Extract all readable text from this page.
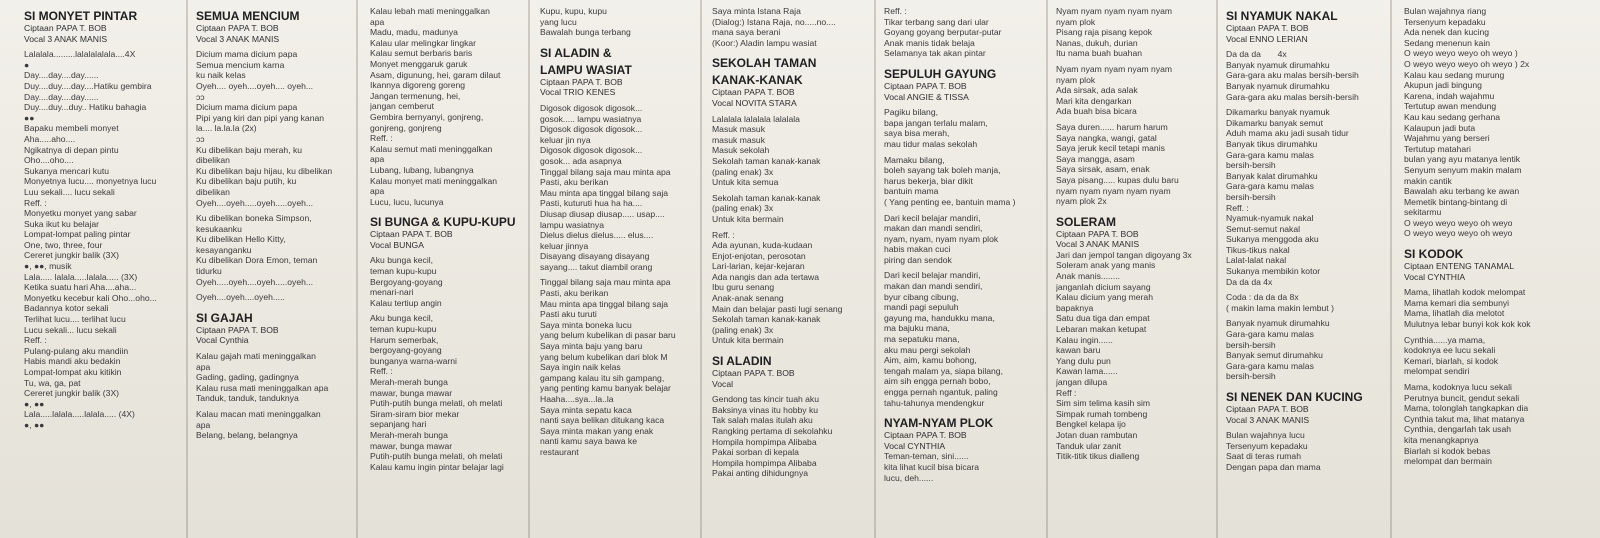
SI MONYET PINTAR
Ciptaan PAPA T. BOB
Vocal 3 ANAK MANIS
Lalalala.........lalalalalala....4X
●
Day....day....day......
Duy....duy....day....Hatiku gembira
Day....day....day......
Duy....duy...duy.. Hatiku bahagia
●●
Bapaku membeli monyet
Aha.....aho....
Ngikatnya di depan pintu
Oho....oho....
Sukanya mencari kutu
Monyetnya lucu.... monyetnya lucu
Luu sekali.... lucu sekali
Reff. :
Monyetku monyet yang sabar
Suka ikut ku belajar
Lompat-lompat paling pintar
One, two, three, four
Cereret jungkir balik (3X)
●, ●●, musik
Lala..... lalala.....lalala..... (3X)
Ketika suatu hari Aha....aha...
Monyetku kecebur kali Oho...oho...
Badannya kotor sekali
Terlihat lucu.... terlihat lucu
Lucu sekali... lucu sekali
Reff. :
Pulang-pulang aku mandiin
Habis mandi aku bedakin
Lompat-lompat aku kitikin
Tu, wa, ga, pat
Cereret jungkir balik (3X)
●, ●●
Lala.....lalala.....lalala..... (4X)
●, ●●
SEMUA MENCIUM
Ciptaan PAPA T. BOB
Vocal 3 ANAK MANIS
Dicium mama dicium papa
Semua mencium karna
ku naik kelas
Oyeh.... oyeh....oyeh.... oyeh...
ɔɔ
Dicium mama dicium papa
Pipi yang kiri dan pipi yang kanan
la.... la.la.la (2x)
ɔɔ
Ku dibelikan baju merah, ku
dibelikan
Ku dibelikan baju hijau, ku dibelikan
Ku dibelikan baju putih, ku
dibelikan
Oyeh....oyeh.....oyeh.....oyeh...
Ku dibelikan boneka Simpson,
kesukaanku
Ku dibelikan Hello Kitty,
kesayanganku
Ku dibelikan Dora Emon, teman
tidurku
Oyeh.....oyeh....oyeh.....oyeh...
Oyeh....oyeh....oyeh.....
SI GAJAH
Ciptaan PAPA T. BOB
Vocal Cynthia
Kalau gajah mati meninggalkan
apa
Gading, gading, gadingnya
Kalau rusa mati meninggalkan apa
Tanduk, tanduk, tanduknya
Kalau macan mati meninggalkan
apa
Belang, belang, belangnya
Kalau lebah mati meninggalkan
apa
Madu, madu, madunya
Kalau ular melingkar lingkar
Kalau semut berbaris baris
Monyet menggaruk garuk
Asam, digunung, hei, garam dilaut
Ikannya digoreng goreng
Jangan termenung, hei,
jangan cemberut
Gembira bernyanyi, gonjreng,
gonjreng, gonjreng
Reff. :
Kalau semut mati meninggalkan
apa
Lubang, lubang, lubangnya
Kalau monyet mati meninggalkan
apa
Lucu, lucu, lucunya
SI BUNGA & KUPU-KUPU
Ciptaan PAPA T. BOB
Vocal BUNGA
Aku bunga kecil,
teman kupu-kupu
Bergoyang-goyang
menari-nari
Kalau tertiup angin
Aku bunga kecil,
teman kupu-kupu
Harum semerbak,
bergoyang-goyang
bunganya warna-warni
Reff. :
Merah-merah bunga
mawar, bunga mawar
Putih-putih bunga melati, oh melati
Siram-siram bior mekar
sepanjang hari
Merah-merah bunga
mawar, bunga mawar
Putih-putih bunga melati, oh melati
Kalau kamu ingin pintar belajar lagi
Kupu, kupu, kupu
yang lucu
Bawalah bunga terbang
SI ALADIN &
LAMPU WASIAT
Ciptaan PAPA T. BOB
Vocal TRIO KENES
Digosok digosok digosok...
gosok..... lampu wasiatnya
Digosok digosok digosok...
keluar jin nya
Digosok digosok digosok...
gosok... ada asapnya
Tinggal bilang saja mau minta apa
Pasti, aku berikan
Mau minta apa tinggal bilang saja
Pasti, kuturuti hua ha ha....
Diusap diusap diusap..... usap....
lampu wasiatnya
Dielus dielus dielus..... elus....
keluar jinnya
Disayang disayang disayang
sayang.... takut diambil orang
Tinggal bilang saja mau minta apa
Pasti, aku berikan
Mau minta apa tinggal bilang saja
Pasti aku turuti
Saya minta boneka lucu
yang belum kubelikan di pasar baru
Saya minta baju yang baru
yang belum kubelikan dari blok M
Saya ingin naik kelas
gampang kalau itu sih gampang,
yang penting kamu banyak belajar
Haaha....sya...la..la
Saya minta sepatu kaca
nanti saya belikan ditukang kaca
Saya minta makan yang enak
nanti kamu saya bawa ke
restaurant
Saya minta Istana Raja
(Dialog:) Istana Raja, no.....no....
mana saya berani
(Koor:) Aladin lampu wasiat
SEKOLAH TAMAN
KANAK-KANAK
Ciptaan PAPA T. BOB
Vocal NOVITA STARA
Lalalala lalalala lalalala
Masuk masuk
masuk masuk
Masuk sekolah
Sekolah taman kanak-kanak
(paling enak) 3x
Untuk kita semua
Sekolah taman kanak-kanak
(paling enak) 3x
Untuk kita bermain
Reff. :
Ada ayunan, kuda-kudaan
Enjot-enjotan, perosotan
Lari-larian, kejar-kejaran
Ada nangis dan ada tertawa
Ibu guru senang
Anak-anak senang
Main dan belajar pasti lugi senang
Sekolah taman kanak-kanak
(paling enak) 3x
Untuk kita bermain
SI ALADIN
Ciptaan PAPA T. BOB
Vocal
Gendong tas kincir tuah aku
Baksinya vinas itu hobby ku
Tak salah malas itulah aku
Rangking pertama di sekolahku
Hompila hompimpa Alibaba
Pakai sorban di kepala
Hompila hompimpa Alibaba
Pakai anting dihidungnya
Reff. :
Tikar terbang sang dari ular
Goyang goyang berputar-putar
Anak manis tidak belaja
Selamanya tak akan pintar
SEPULUH GAYUNG
Ciptaan PAPA T. BOB
Vocal ANGIE & TISSA
Pagiku bilang,
bapa jangan terlalu malam,
saya bisa merah,
mau tidur malas sekolah
Mamaku bilang,
boleh sayang tak boleh manja,
harus bekerja, biar dikit
bantuin mama
( Yang penting ee, bantuin mama )
Dari kecil belajar mandiri,
makan dan mandi sendiri,
nyam, nyam, nyam nyam plok
habis makan cuci
piring dan sendok
Dari kecil belajar mandiri,
makan dan mandi sendiri,
byur cibang cibung,
mandi pagi sepuluh
gayung ma, handukku mana,
ma bajuku mana,
ma sepatuku mana,
aku mau pergi sekolah
Aim, aim, kamu bohong,
tengah malam ya, siapa bilang,
aim sih engga pernah bobo,
engga pernah ngantuk, paling
tahu-tahunya mendengkur
NYAM-NYAM PLOK
Ciptaan PAPA T. BOB
Vocal CYNTHIA
Teman-teman, sini......
kita lihat kucil bisa bicara
lucu, deh......
Nyam nyam nyam nyam nyam
nyam plok
Pisang raja pisang kepok
Nanas, dukuh, durian
Itu nama buah buahan
Nyam nyam nyam nyam nyam
nyam plok
Ada sirsak, ada salak
Mari kita dengarkan
Ada buah bisa bicara
Saya duren...... harum harum
Saya nangka, wangi, gatal
Saya jeruk kecil tetapi manis
Saya mangga, asam
Saya sirsak, asam, enak
Saya pisang..... kupas dulu baru
nyam nyam nyam nyam nyam
nyam plok 2x
SOLERAM
Ciptaan PAPA T. BOB
Vocal 3 ANAK MANIS
Jari dan jempol tangan digoyang 3x
Soleram anak yang manis
Anak manis........
janganlah dicium sayang
Kalau dicium yang merah
bapaknya
Satu dua tiga dan empat
Lebaran makan ketupat
Kalau ingin......
kawan baru
Yang dulu pun
Kawan lama......
jangan dilupa
Reff :
Sim sim telima kasih sim
Simpak rumah tombeng
Bengkel kelapa ijo
Jotan duan rambutan
Tanduk ular zanit
Titik-titik tikus dialleng
SI NYAMUK NAKAL
Ciptaan PAPA T. BOB
Vocal ENNO LERIAN
Da da da       4x
Banyak nyamuk dirumahku
Gara-gara aku malas bersih-bersih
Banyak nyamuk dirumahku
Gara-gara aku malas bersih-bersih
Dikamarku banyak nyamuk
Dikamarku banyak semut
Aduh mama aku jadi susah tidur
Banyak tikus dirumahku
Gara-gara kamu malas
bersih-bersih
Banyak kalat dirumahku
Gara-gara kamu malas
bersih-bersih
Reff. :
Nyamuk-nyamuk nakal
Semut-semut nakal
Sukanya menggoda aku
Tikus-tikus nakal
Lalat-lalat nakal
Sukanya membikin kotor
Da da da 4x
Coda : da da da 8x
( makin lama makin lembut )
Banyak nyamuk dirumahku
Gara-gara kamu malas
bersih-bersih
Banyak semut dirumahku
Gara-gara kamu malas
bersih-bersih
SI NENEK DAN KUCING
Ciptaan PAPA T. BOB
Vocal 3 ANAK MANIS
Bulan wajahnya lucu
Tersenyum kepadaku
Saat di teras rumah
Dengan papa dan mama
Bulan wajahnya riang
Tersenyum kepadaku
Ada nenek dan kucing
Sedang menenun kain
O weyo weyo weyo oh weyo )
O weyo weyo weyo oh weyo ) 2x
Kalau kau sedang murung
Akupun jadi bingung
Karena, indah wajahmu
Tertutup awan mendung
Kau kau sedang gerhana
Kalaupun jadi buta
Wajahmu yang berseri
Tertutup matahari
bulan yang ayu matanya lentik
Senyum senyum makin malam
makin cantik
Bawalah aku terbang ke awan
Memetik bintang-bintang di
sekitarmu
O weyo weyo weyo oh weyo
O weyo weyo weyo oh weyo
SI KODOK
Ciptaan ENTENG TANAMAL
Vocal CYNTHIA
Mama, lihatlah kodok melompat
Mama kemari dia sembunyi
Mama, lihatlah dia melotot
Mulutnya lebar bunyi kok kok kok
Cynthia......ya mama,
kodoknya ee lucu sekali
Kemari, biarlah, si kodok
melompat sendiri
Mama, kodoknya lucu sekali
Perutnya buncit, gendut sekali
Mama, tolonglah tangkapkan dia
Cynthia takut ma, lihat matanya
Cynthia, dengarlah tak usah
kita menangkapnya
Biarlah si kodok bebas
melompat dan bermain
